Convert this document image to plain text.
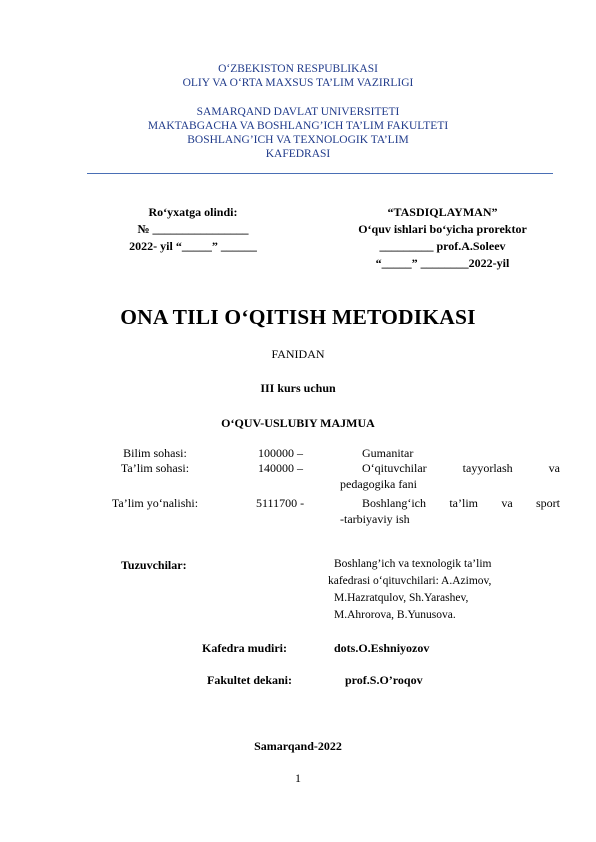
O‘ZBEKISTON RESPUBLIKASI
OLIY VA O‘RTA MAXSUS TA’LIM VAZIRLIGI
SAMARQAND DAVLAT UNIVERSITETI
MAKTABGACHA VA BOSHLANG’ICH TA’LIM FAKULTETI
BOSHLANG’ICH VA TEXNOLOGIK TA’LIM
KAFEDRASI
Ro‘yxatga olindi:
№ ________________
2022- yil “_____” ______
“TASDIQLAYMAN”
O‘quv ishlari bo‘yicha prorektor
_________ prof.A.Soleev
“_____” ________2022-yil
ONA TILI O‘QITISH METODIKASI
FANIDAN
III kurs uchun
O‘QUV-USLUBIY MAJMUA
Bilim sohasi:	100000 –	Gumanitar
Ta’lim sohasi:	140000 –	O‘qituvchilar tayyorlash va
pedagogika fani
Ta’lim yo‘nalishi:	5111700 -	Boshlang‘ich ta’lim va sport
-tarbiyaviy ish
Tuzuvchilar:	Boshlang’ich va texnologik ta’lim
kafedrasi o‘qituvchilari: A.Azimov,
M.Hazratqulov, Sh.Yarashev,
M.Ahrorova, B.Yunusova.
Kafedra mudiri:	dots.O.Eshniyozov
Fakultet dekani:	prof.S.O’roqov
Samarqand-2022
1
